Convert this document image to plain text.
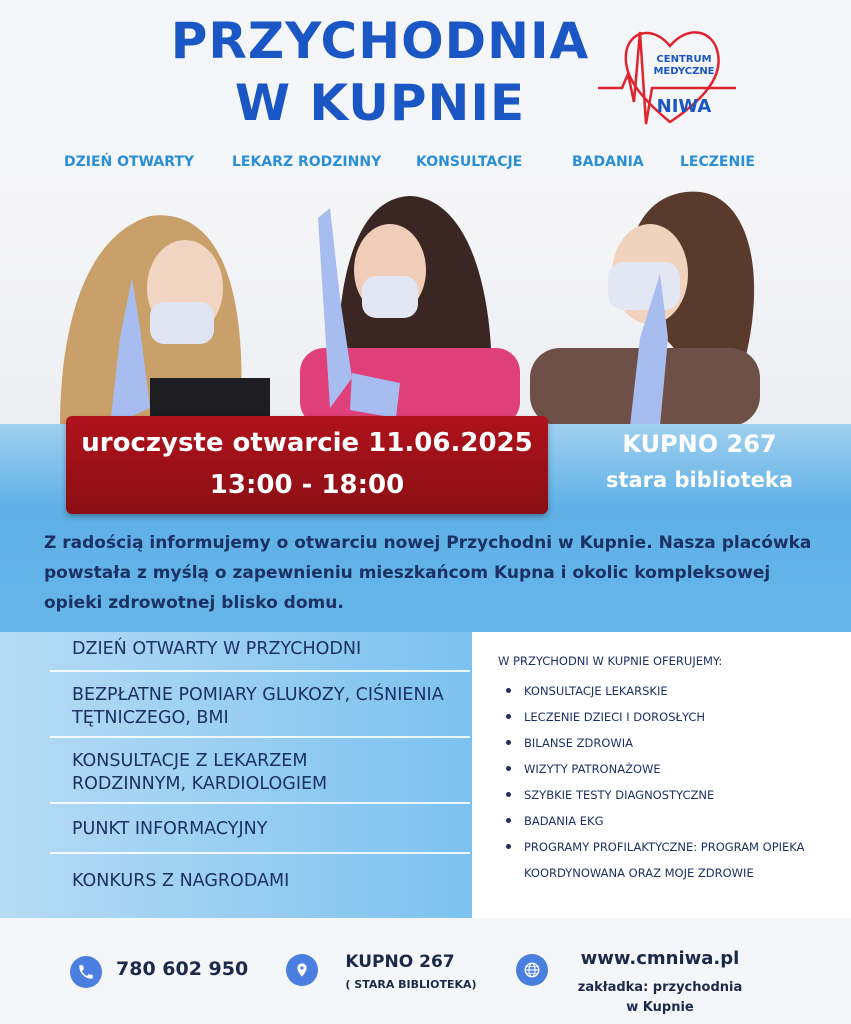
PRZYCHODNIA
W KUPNIE
CENTRUM
MEDYCZNE
NIWA
DZIEŃ OTWARTY	LEKARZ RODZINNY KONSULTACJE	BADANIA	LECZENIE
uroczyste otwarcie 11.06.2025
13:00 - 18:00
KUPNO 267
stara biblioteka
Z radością informujemy o otwarciu nowej Przychodni w Kupnie. Nasza placówka powstała z myślą o zapewnieniu mieszkańcom Kupna i okolic kompleksowej opieki zdrowotnej blisko domu.
DZIEŃ OTWARTY W PRZYCHODNI
BEZPŁATNE POMIARY GLUKOZY, CIŚNIENIA TĘTNICZEGO, BMI
KONSULTACJE Z LEKARZEM RODZINNYM, KARDIOLOGIEM
PUNKT INFORMACYJNY
KONKURS Z NAGRODAMI
W PRZYCHODNI W KUPNIE OFERUJEMY:
KONSULTACJE LEKARSKIE
LECZENIE DZIECI I DOROSŁYCH
BILANSE ZDROWIA
WIZYTY PATRONAŻOWE
SZYBKIE TESTY DIAGNOSTYCZNE
BADANIA EKG
PROGRAMY PROFILAKTYCZNE: PROGRAM OPIEKA KOORDYNOWANA ORAZ MOJE ZDROWIE
780 602 950	KUPNO 267
( STARA BIBLIOTEKA)
www.cmniwa.pl
zakładka: przychodnia
w Kupnie
